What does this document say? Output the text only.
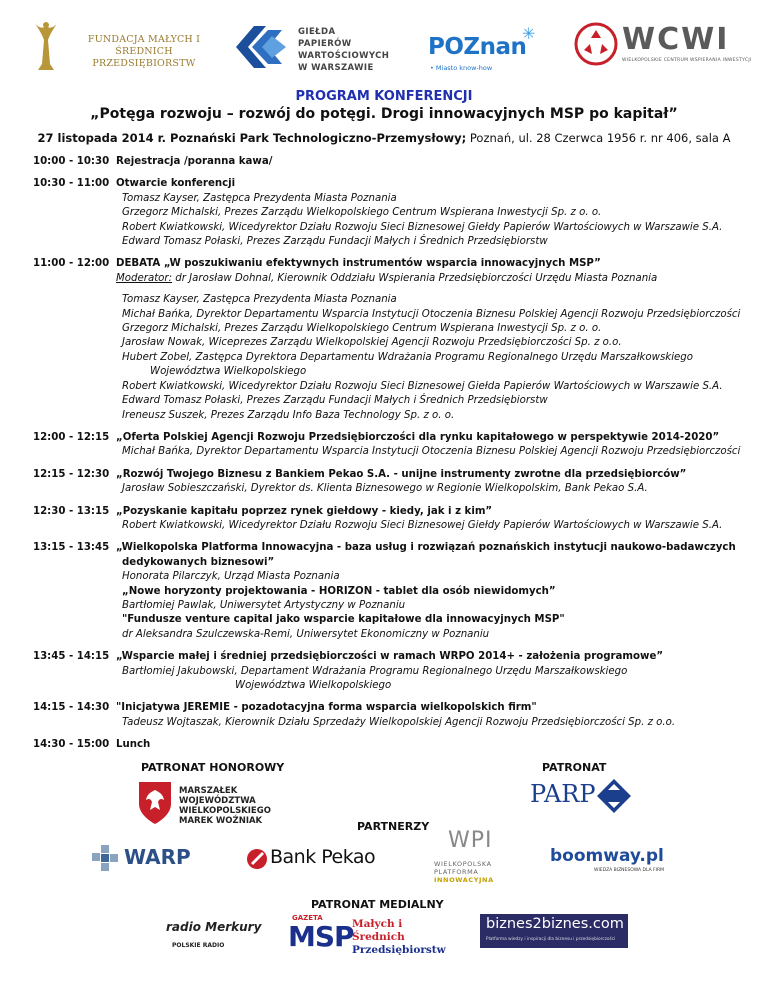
FUNDACJA MAŁYCH I ŚREDNICH
PRZEDSIĘBIORSTW
GIEŁDA PAPIERÓW
WARTOŚCIOWYCH
W WARSZAWIE
POZnan
✳
• Miasto know-how
WCWI
WIELKOPOLSKIE CENTRUM WSPIERANIA INWESTYCJI
PROGRAM KONFERENCJI
„Potęga rozwoju – rozwój do potęgi. Drogi innowacyjnych MSP po kapitał”
27 listopada 2014 r. Poznański Park Technologiczno-Przemysłowy; Poznań, ul. 28 Czerwca 1956 r. nr 406, sala A
10:00 - 10:30 Rejestracja /poranna kawa/
10:30 - 11:00 Otwarcie konferencji
Tomasz Kayser, Zastępca Prezydenta Miasta Poznania
Grzegorz Michalski, Prezes Zarządu Wielkopolskiego Centrum Wspierana Inwestycji Sp. z o. o.
Robert Kwiatkowski, Wicedyrektor Działu Rozwoju Sieci Biznesowej Giełdy Papierów Wartościowych w Warszawie S.A.
Edward Tomasz Połaski, Prezes Zarządu Fundacji Małych i Średnich Przedsiębiorstw
11:00 - 12:00 DEBATA „W poszukiwaniu efektywnych instrumentów wsparcia innowacyjnych MSP”
Moderator: dr Jarosław Dohnal, Kierownik Oddziału Wspierania Przedsiębiorczości Urzędu Miasta Poznania
Tomasz Kayser, Zastępca Prezydenta Miasta Poznania
Michał Bańka, Dyrektor Departamentu Wsparcia Instytucji Otoczenia Biznesu Polskiej Agencji Rozwoju Przedsiębiorczości
Grzegorz Michalski, Prezes Zarządu Wielkopolskiego Centrum Wspierana Inwestycji Sp. z o. o.
Jarosław Nowak, Wiceprezes Zarządu Wielkopolskiej Agencji Rozwoju Przedsiębiorczości Sp. z o.o.
Hubert Zobel, Zastępca Dyrektora Departamentu Wdrażania Programu Regionalnego Urzędu Marszałkowskiego
Województwa Wielkopolskiego
Robert Kwiatkowski, Wicedyrektor Działu Rozwoju Sieci Biznesowej Giełda Papierów Wartościowych w Warszawie S.A.
Edward Tomasz Połaski, Prezes Zarządu Fundacji Małych i Średnich Przedsiębiorstw
Ireneusz Suszek, Prezes Zarządu Info Baza Technology Sp. z o. o.
12:00 - 12:15 „Oferta Polskiej Agencji Rozwoju Przedsiębiorczości dla rynku kapitałowego w perspektywie 2014-2020”
Michał Bańka, Dyrektor Departamentu Wsparcia Instytucji Otoczenia Biznesu Polskiej Agencji Rozwoju Przedsiębiorczości
12:15 - 12:30 „Rozwój Twojego Biznesu z Bankiem Pekao S.A. - unijne instrumenty zwrotne dla przedsiębiorców”
Jarosław Sobieszczański, Dyrektor ds. Klienta Biznesowego w Regionie Wielkopolskim, Bank Pekao S.A.
12:30 - 13:15 „Pozyskanie kapitału poprzez rynek giełdowy - kiedy, jak i z kim”
Robert Kwiatkowski, Wicedyrektor Działu Rozwoju Sieci Biznesowej Giełdy Papierów Wartościowych w Warszawie S.A.
13:15 - 13:45 „Wielkopolska Platforma Innowacyjna - baza usług i rozwiązań poznańskich instytucji naukowo-badawczych
dedykowanych biznesowi”
Honorata Pilarczyk, Urząd Miasta Poznania
„Nowe horyzonty projektowania - HORIZON - tablet dla osób niewidomych”
Bartłomiej Pawlak, Uniwersytet Artystyczny w Poznaniu
"Fundusze venture capital jako wsparcie kapitałowe dla innowacyjnych MSP"
dr Aleksandra Szulczewska-Remi, Uniwersytet Ekonomiczny w Poznaniu
13:45 - 14:15 „Wsparcie małej i średniej przedsiębiorczości w ramach WRPO 2014+ - założenia programowe”
Bartłomiej Jakubowski, Departament Wdrażania Programu Regionalnego Urzędu Marszałkowskiego
Województwa Wielkopolskiego
14:15 - 14:30 "Inicjatywa JEREMIE - pozadotacyjna forma wsparcia wielkopolskich firm"
Tadeusz Wojtaszak, Kierownik Działu Sprzedaży Wielkopolskiej Agencji Rozwoju Przedsiębiorczości Sp. z o.o.
14:30 - 15:00 Lunch
PATRONAT HONOROWY
MARSZAŁEK WOJEWÓDZTWA
WIELKOPOLSKIEGO
MAREK WOŹNIAK
PATRONAT
PARP
PARTNERZY
WARP	Bank Pekao
WPI
WIELKOPOLSKA
PLATFORMA
INNOWACYJNA
boomway.pl
WIEDZA BIZNESOWA DLA FIRM
PATRONAT MEDIALNY
radio Merkury
POLSKIE RADIO
GAZETA
MSP
Małych i Średnich
Przedsiębiorstw
biznes2biznes.com
Platforma wiedzy i inspiracji dla biznesu i przedsiębiorczości
